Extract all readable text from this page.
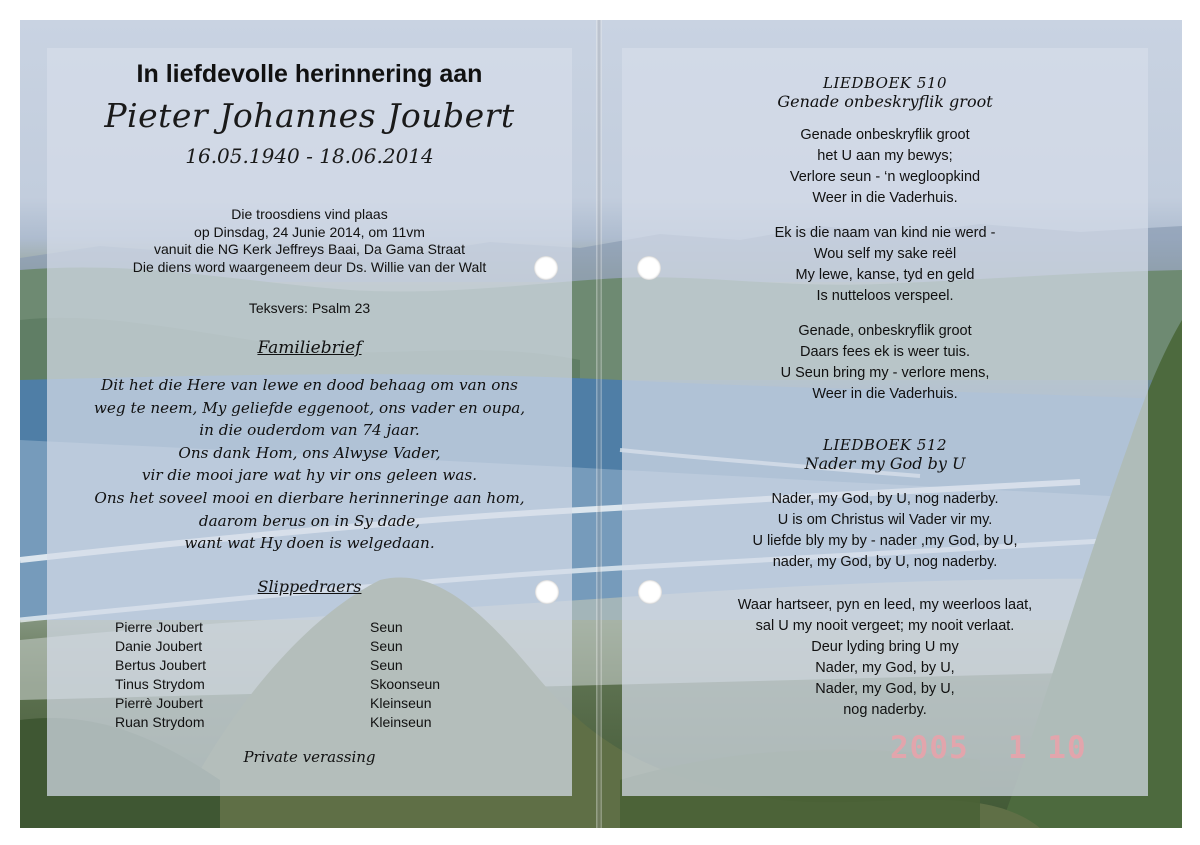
In liefdevolle herinnering aan
Pieter Johannes Joubert
16.05.1940 - 18.06.2014
Die troosdiens vind plaas
op Dinsdag, 24 Junie 2014, om 11vm
vanuit die NG Kerk Jeffreys Baai, Da Gama Straat
Die diens word waargeneem deur Ds. Willie van der Walt
Teksvers: Psalm 23
Familiebrief
Dit het die Here van lewe en dood behaag om van ons
weg te neem, My geliefde eggenoot, ons vader en oupa,
in die ouderdom van 74 jaar.
Ons dank Hom, ons Alwyse Vader,
vir die mooi jare wat hy vir ons geleen was.
Ons het soveel mooi en dierbare herinneringe aan hom,
daarom berus on in Sy dade,
want wat Hy doen is welgedaan.
Slippedraers
Pierre Joubert	Seun
Danie Joubert	Seun
Bertus Joubert	Seun
Tinus Strydom	Skoonseun
Pierrè Joubert	Kleinseun
Ruan Strydom	Kleinseun
Private verassing
LIEDBOEK 510
Genade onbeskryflik groot
Genade onbeskryflik groot
het U aan my bewys;
Verlore seun - ‘n wegloopkind
Weer in die Vaderhuis.
Ek is die naam van kind nie werd -
Wou self my sake reël
My lewe, kanse, tyd en geld
Is nutteloos verspeel.
Genade, onbeskryflik groot
Daars fees ek is weer tuis.
U Seun bring my - verlore mens,
Weer in die Vaderhuis.
LIEDBOEK 512
Nader my God by U
Nader, my God, by U, nog naderby.
U is om Christus wil Vader vir my.
U liefde bly my by - nader ,my God, by U,
nader, my God, by U, nog naderby.
Waar hartseer, pyn en leed, my weerloos laat,
sal U my nooit vergeet; my nooit verlaat.
Deur lyding bring U my
Nader, my God, by U,
Nader, my God, by U,
nog naderby.
2005  1 10
